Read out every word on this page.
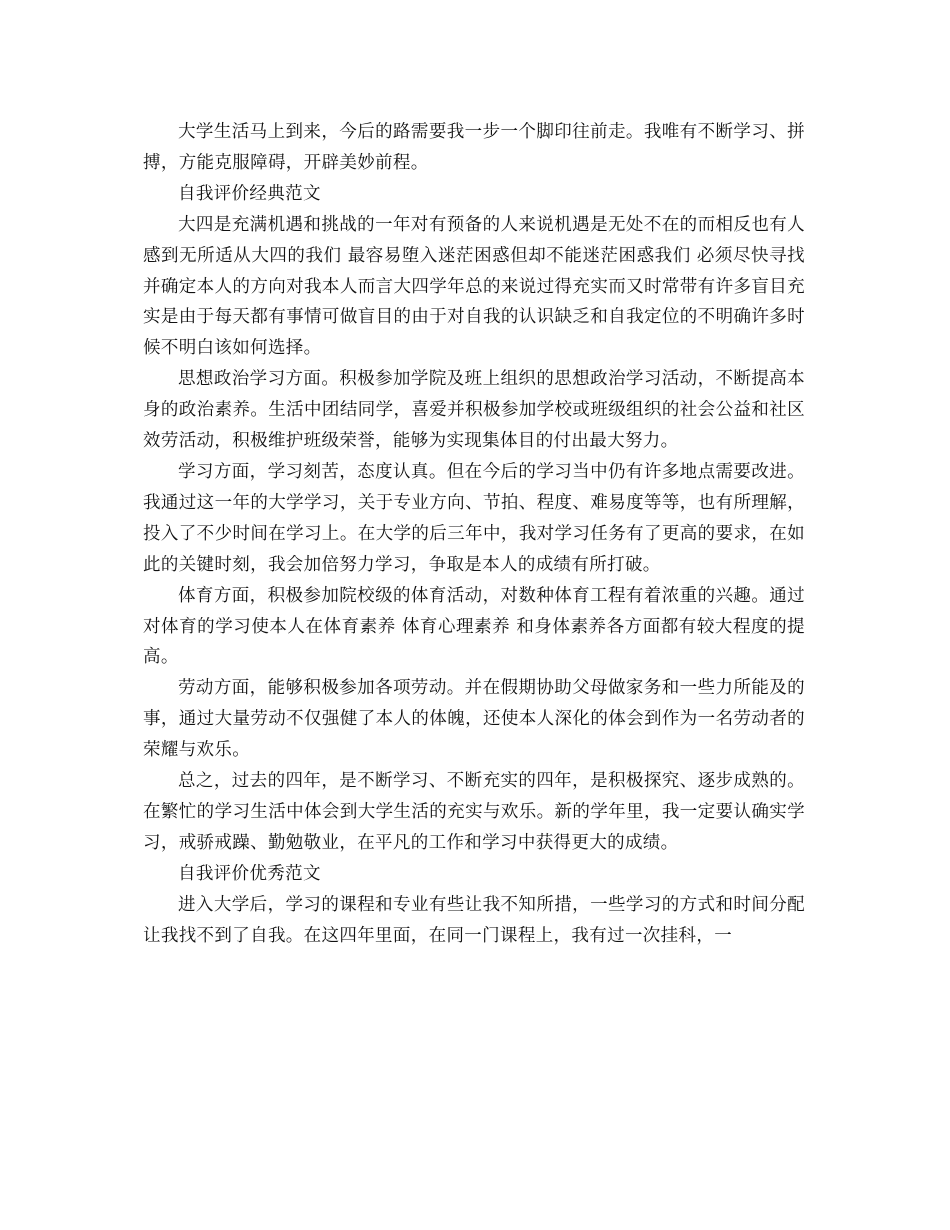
大学生活马上到来，今后的路需要我一步一个脚印往前走。我唯有不断学习、拼搏，方能克服障碍，开辟美妙前程。

自我评价经典范文

大四是充满机遇和挑战的一年对有预备的人来说机遇是无处不在的而相反也有人感到无所适从大四的我们 最容易堕入迷茫困惑但却不能迷茫困惑我们 必须尽快寻找并确定本人的方向对我本人而言大四学年总的来说过得充实而又时常带有许多盲目充实是由于每天都有事情可做盲目的由于对自我的认识缺乏和自我定位的不明确许多时候不明白该如何选择。

思想政治学习方面。积极参加学院及班上组织的思想政治学习活动，不断提高本身的政治素养。生活中团结同学，喜爱并积极参加学校或班级组织的社会公益和社区效劳活动，积极维护班级荣誉，能够为实现集体目的付出最大努力。

学习方面，学习刻苦，态度认真。但在今后的学习当中仍有许多地点需要改进。我通过这一年的大学学习，关于专业方向、节拍、程度、难易度等等，也有所理解，投入了不少时间在学习上。在大学的后三年中，我对学习任务有了更高的要求，在如此的关键时刻，我会加倍努力学习，争取是本人的成绩有所打破。

体育方面，积极参加院校级的体育活动，对数种体育工程有着浓重的兴趣。通过对体育的学习使本人在体育素养 体育心理素养 和身体素养各方面都有较大程度的提高。

劳动方面，能够积极参加各项劳动。并在假期协助父母做家务和一些力所能及的事，通过大量劳动不仅强健了本人的体魄，还使本人深化的体会到作为一名劳动者的荣耀与欢乐。

总之，过去的四年，是不断学习、不断充实的四年，是积极探究、逐步成熟的。在繁忙的学习生活中体会到大学生活的充实与欢乐。新的学年里，我一定要认确实学习，戒骄戒躁、勤勉敬业，在平凡的工作和学习中获得更大的成绩。

自我评价优秀范文

进入大学后，学习的课程和专业有些让我不知所措，一些学习的方式和时间分配让我找不到了自我。在这四年里面，在同一门课程上，我有过一次挂科，一
